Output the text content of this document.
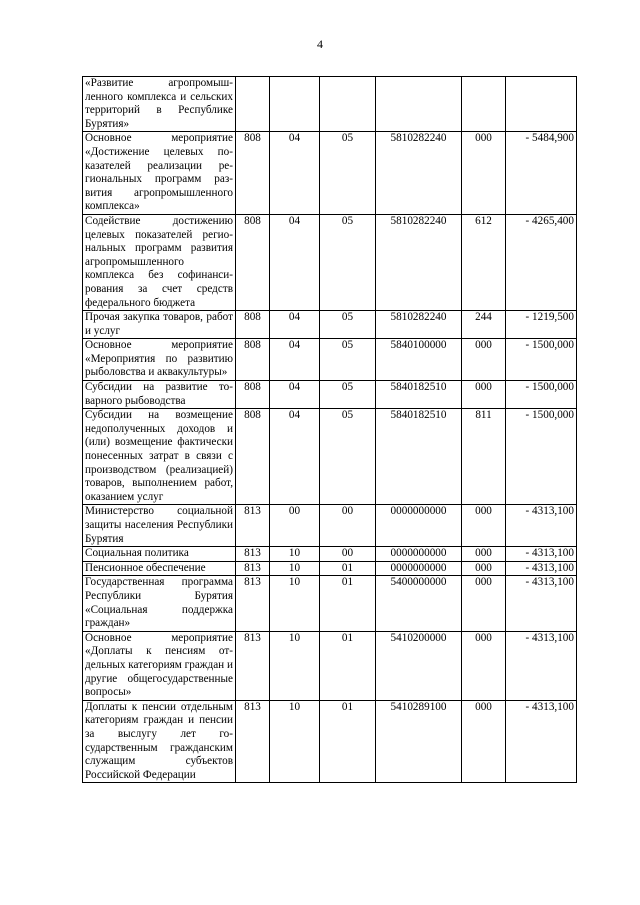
4
«Развитие агропромышленного комплекса и сельских территорий в Республике Бурятия»						
Основное мероприятие «Достижение целевых показателей реализации региональных программ развития агропромышленного комплекса»	808	04	05	5810282240	000	- 5484,900
Содействие достижению целевых показателей региональных программ развития агропромышленного комплекса без софинансирования за счет средств федерального бюджета	808	04	05	5810282240	612	- 4265,400
Прочая закупка товаров, работ и услуг	808	04	05	5810282240	244	- 1219,500
Основное мероприятие «Мероприятия по развитию рыболовства и аквакультуры»	808	04	05	5840100000	000	- 1500,000
Субсидии на развитие товарного рыбоводства	808	04	05	5840182510	000	- 1500,000
Субсидии на возмещение недополученных доходов и (или) возмещение фактически понесенных затрат в связи с производством (реализацией) товаров, выполнением работ, оказанием услуг	808	04	05	5840182510	811	- 1500,000
Министерство социальной защиты населения Республики Бурятия	813	00	00	0000000000	000	- 4313,100
Социальная политика	813	10	00	0000000000	000	- 4313,100
Пенсионное обеспечение	813	10	01	0000000000	000	- 4313,100
Государственная программа Республики Бурятия «Социальная поддержка граждан»	813	10	01	5400000000	000	- 4313,100
Основное мероприятие «Доплаты к пенсиям отдельных категориям граждан и другие общегосударственные вопросы»	813	10	01	5410200000	000	- 4313,100
Доплаты к пенсии отдельным категориям граждан и пенсии за выслугу лет государственным гражданским служащим субъектов Российской Федерации	813	10	01	5410289100	000	- 4313,100
